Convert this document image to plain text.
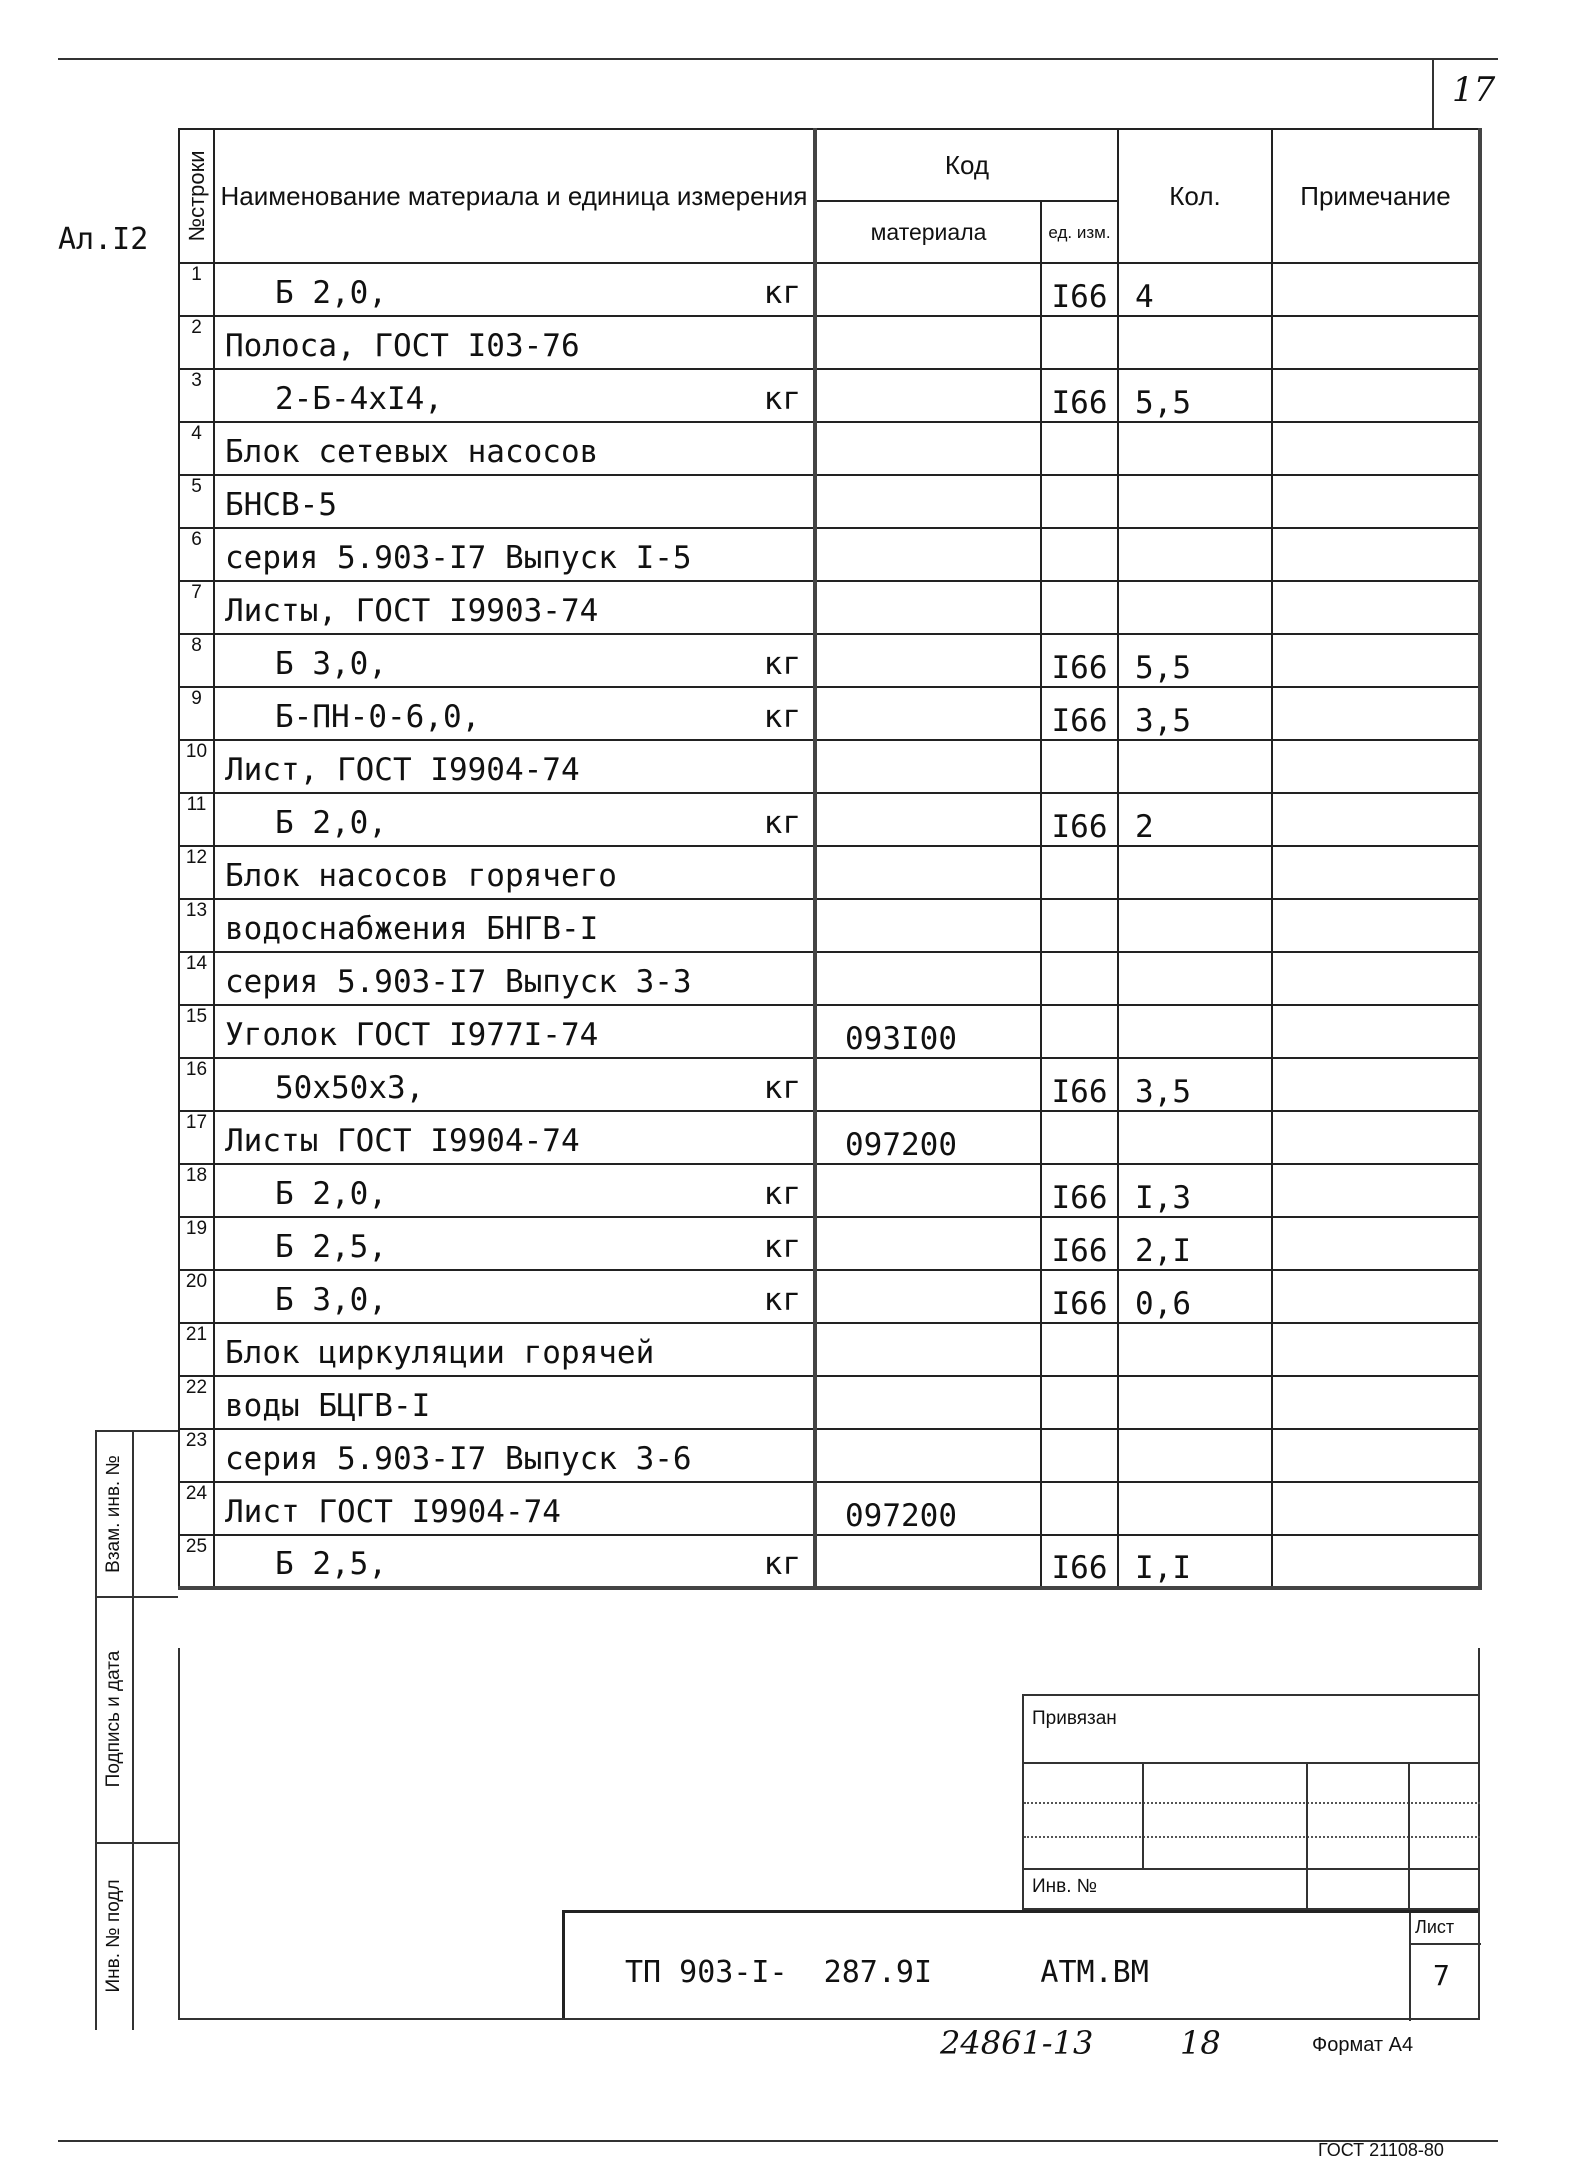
17
Ал.I2 №строки	Наименование материала и единица измерения	Код		Кол.	Примечание
		материала	ед. изм.		
1	Б 2,0, кг		I66	4	
2	Полоса, ГОСТ I03-76				

3	2-Б-4хI4, кг		I66	5,5	
4	Блок сетевых насосов				

5	БНСВ-5				

6	серия 5.903-I7 Выпуск I-5				

7	Листы, ГОСТ I9903-74				

8	Б 3,0, кг		I66	5,5	
9	Б-ПН-0-6,0, кг		I66	3,5	
10	Лист, ГОСТ I9904-74				

11	Б 2,0, кг		I66	2	
12	Блок насосов горячего				

13	водоснабжения БНГВ-I				

14	серия 5.903-I7 Выпуск 3-3				

15	Уголок ГОСТ I977I-74	093I00			
16	50х50х3, кг		I66	3,5	
17	Листы ГОСТ I9904-74	097200			
18	Б 2,0, кг		I66	I,3	
19	Б 2,5, кг		I66	2,I	
20	Б 3,0, кг		I66	0,6	
21	Блок циркуляции горячей				

22	воды БЦГВ-I				

23	серия 5.903-I7 Выпуск 3-6				

24	Лист ГОСТ I9904-74	097200			
25	Б 2,5, кг		I66	I,I	
Взам. инв. №
Подпись и дата
Инв. № подл
Привязан
Инв. №
ТП 903-I-  287.9I      АТМ.ВМ
Лист
7
24861-13	18	Формат А4
ГОСТ 21108-80
